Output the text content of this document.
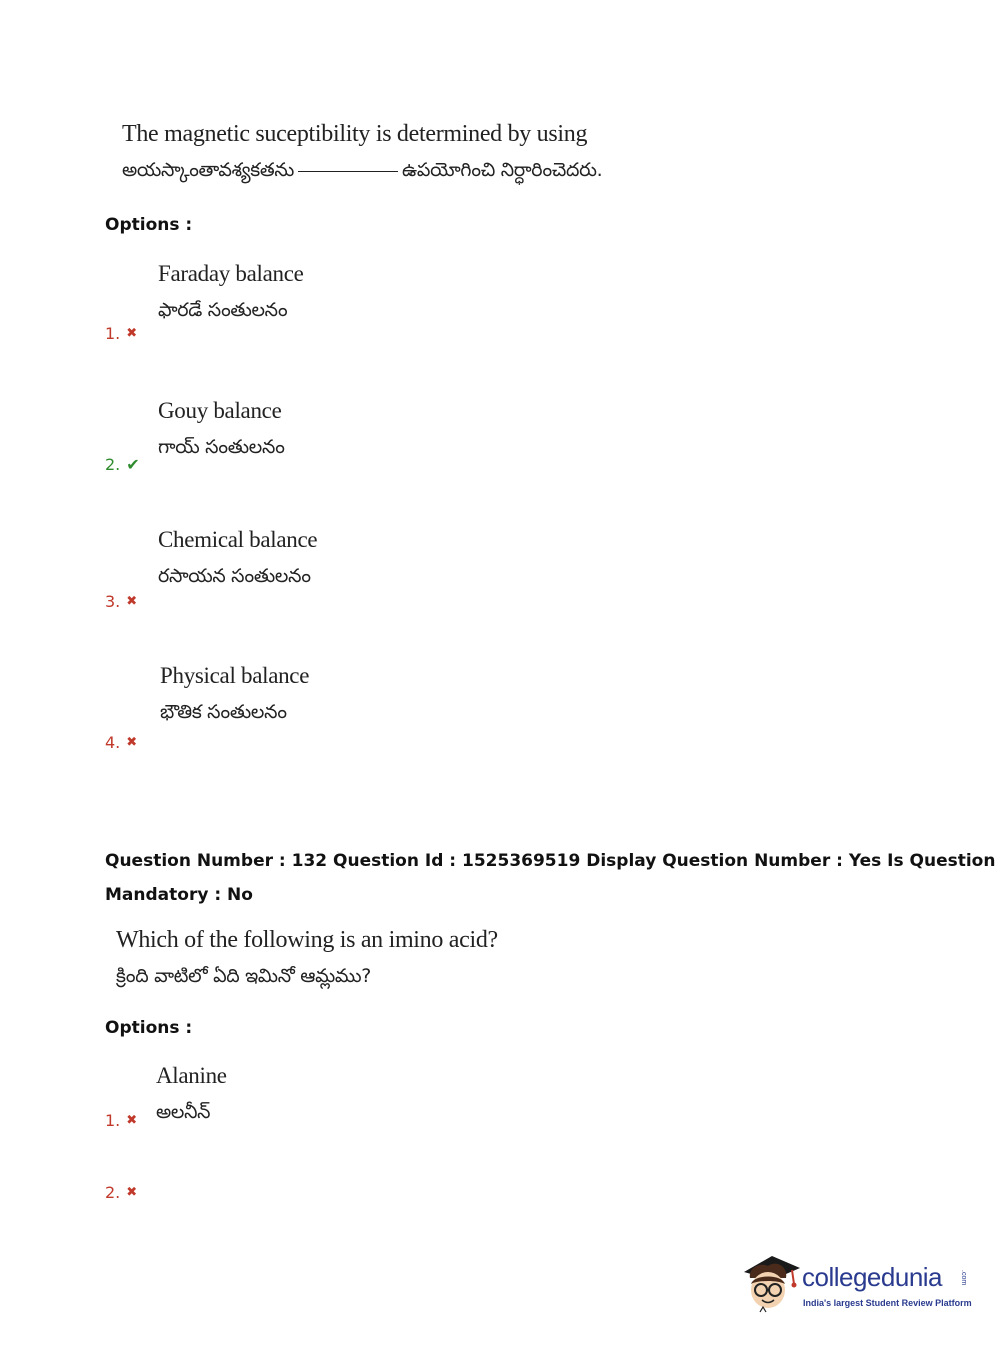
The magnetic suceptibility is determined by using
అయస్కాంతావశ్యకతను	ఉపయోగించి నిర్ధారించెదరు.
Options :
Faraday balance
ఫారడే సంతులనం
1. ✖
Gouy balance
గాయ్ సంతులనం
2. ✔
Chemical balance
రసాయన సంతులనం
3. ✖
Physical balance
భౌతిక సంతులనం
4. ✖
Question Number : 132 Question Id : 1525369519 Display Question Number : Yes Is Question
Mandatory : No
Which of the following is an imino acid?
క్రింది వాటిలో ఏది ఇమినో ఆమ్లము?
Options :
Alanine
అలనీన్
1. ✖
2. ✖
collegedunia	.com
India's largest Student Review Platform
